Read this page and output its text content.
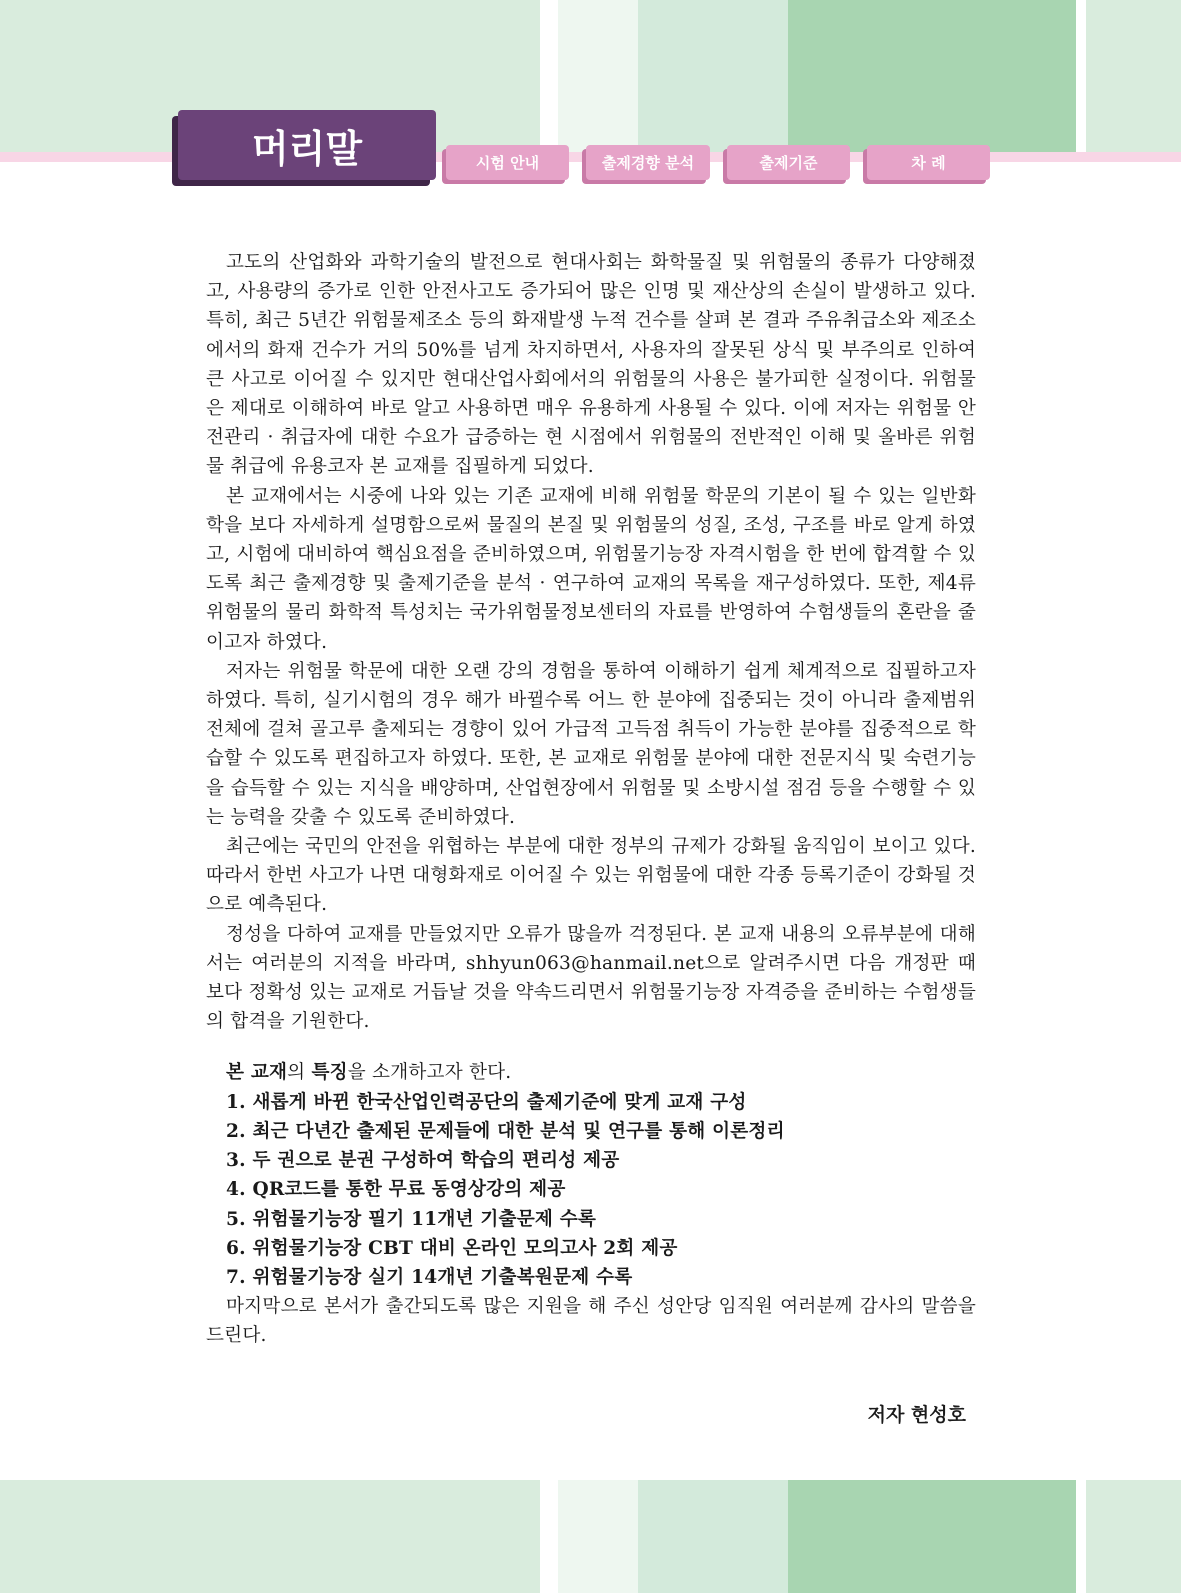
머리말	시험 안내	출제경향 분석	출제기준	차 례

고도의 산업화와 과학기술의 발전으로 현대사회는 화학물질 및 위험물의 종류가 다양해졌고, 사용량의 증가로 인한 안전사고도 증가되어 많은 인명 및 재산상의 손실이 발생하고 있다. 특히, 최근 5년간 위험물제조소 등의 화재발생 누적 건수를 살펴 본 결과 주유취급소와 제조소에서의 화재 건수가 거의 50%를 넘게 차지하면서, 사용자의 잘못된 상식 및 부주의로 인하여 큰 사고로 이어질 수 있지만 현대산업사회에서의 위험물의 사용은 불가피한 실정이다. 위험물은 제대로 이해하여 바로 알고 사용하면 매우 유용하게 사용될 수 있다. 이에 저자는 위험물 안전관리 · 취급자에 대한 수요가 급증하는 현 시점에서 위험물의 전반적인 이해 및 올바른 위험물 취급에 유용코자 본 교재를 집필하게 되었다.

본 교재에서는 시중에 나와 있는 기존 교재에 비해 위험물 학문의 기본이 될 수 있는 일반화학을 보다 자세하게 설명함으로써 물질의 본질 및 위험물의 성질, 조성, 구조를 바로 알게 하였고, 시험에 대비하여 핵심요점을 준비하였으며, 위험물기능장 자격시험을 한 번에 합격할 수 있도록 최근 출제경향 및 출제기준을 분석 · 연구하여 교재의 목록을 재구성하였다. 또한, 제4류 위험물의 물리 화학적 특성치는 국가위험물정보센터의 자료를 반영하여 수험생들의 혼란을 줄이고자 하였다.

저자는 위험물 학문에 대한 오랜 강의 경험을 통하여 이해하기 쉽게 체계적으로 집필하고자 하였다. 특히, 실기시험의 경우 해가 바뀔수록 어느 한 분야에 집중되는 것이 아니라 출제범위 전체에 걸쳐 골고루 출제되는 경향이 있어 가급적 고득점 취득이 가능한 분야를 집중적으로 학습할 수 있도록 편집하고자 하였다. 또한, 본 교재로 위험물 분야에 대한 전문지식 및 숙련기능을 습득할 수 있는 지식을 배양하며, 산업현장에서 위험물 및 소방시설 점검 등을 수행할 수 있는 능력을 갖출 수 있도록 준비하였다.

최근에는 국민의 안전을 위협하는 부분에 대한 정부의 규제가 강화될 움직임이 보이고 있다. 따라서 한번 사고가 나면 대형화재로 이어질 수 있는 위험물에 대한 각종 등록기준이 강화될 것으로 예측된다.

정성을 다하여 교재를 만들었지만 오류가 많을까 걱정된다. 본 교재 내용의 오류부분에 대해서는 여러분의 지적을 바라며, shhyun063@hanmail.net으로 알려주시면 다음 개정판 때 보다 정확성 있는 교재로 거듭날 것을 약속드리면서 위험물기능장 자격증을 준비하는 수험생들의 합격을 기원한다.

본 교재의 특징을 소개하고자 한다.
1. 새롭게 바뀐 한국산업인력공단의 출제기준에 맞게 교재 구성
2. 최근 다년간 출제된 문제들에 대한 분석 및 연구를 통해 이론정리
3. 두 권으로 분권 구성하여 학습의 편리성 제공
4. QR코드를 통한 무료 동영상강의 제공
5. 위험물기능장 필기 11개년 기출문제 수록
6. 위험물기능장 CBT 대비 온라인 모의고사 2회 제공
7. 위험물기능장 실기 14개년 기출복원문제 수록

마지막으로 본서가 출간되도록 많은 지원을 해 주신 성안당 임직원 여러분께 감사의 말씀을 드린다.

저자 현성호
